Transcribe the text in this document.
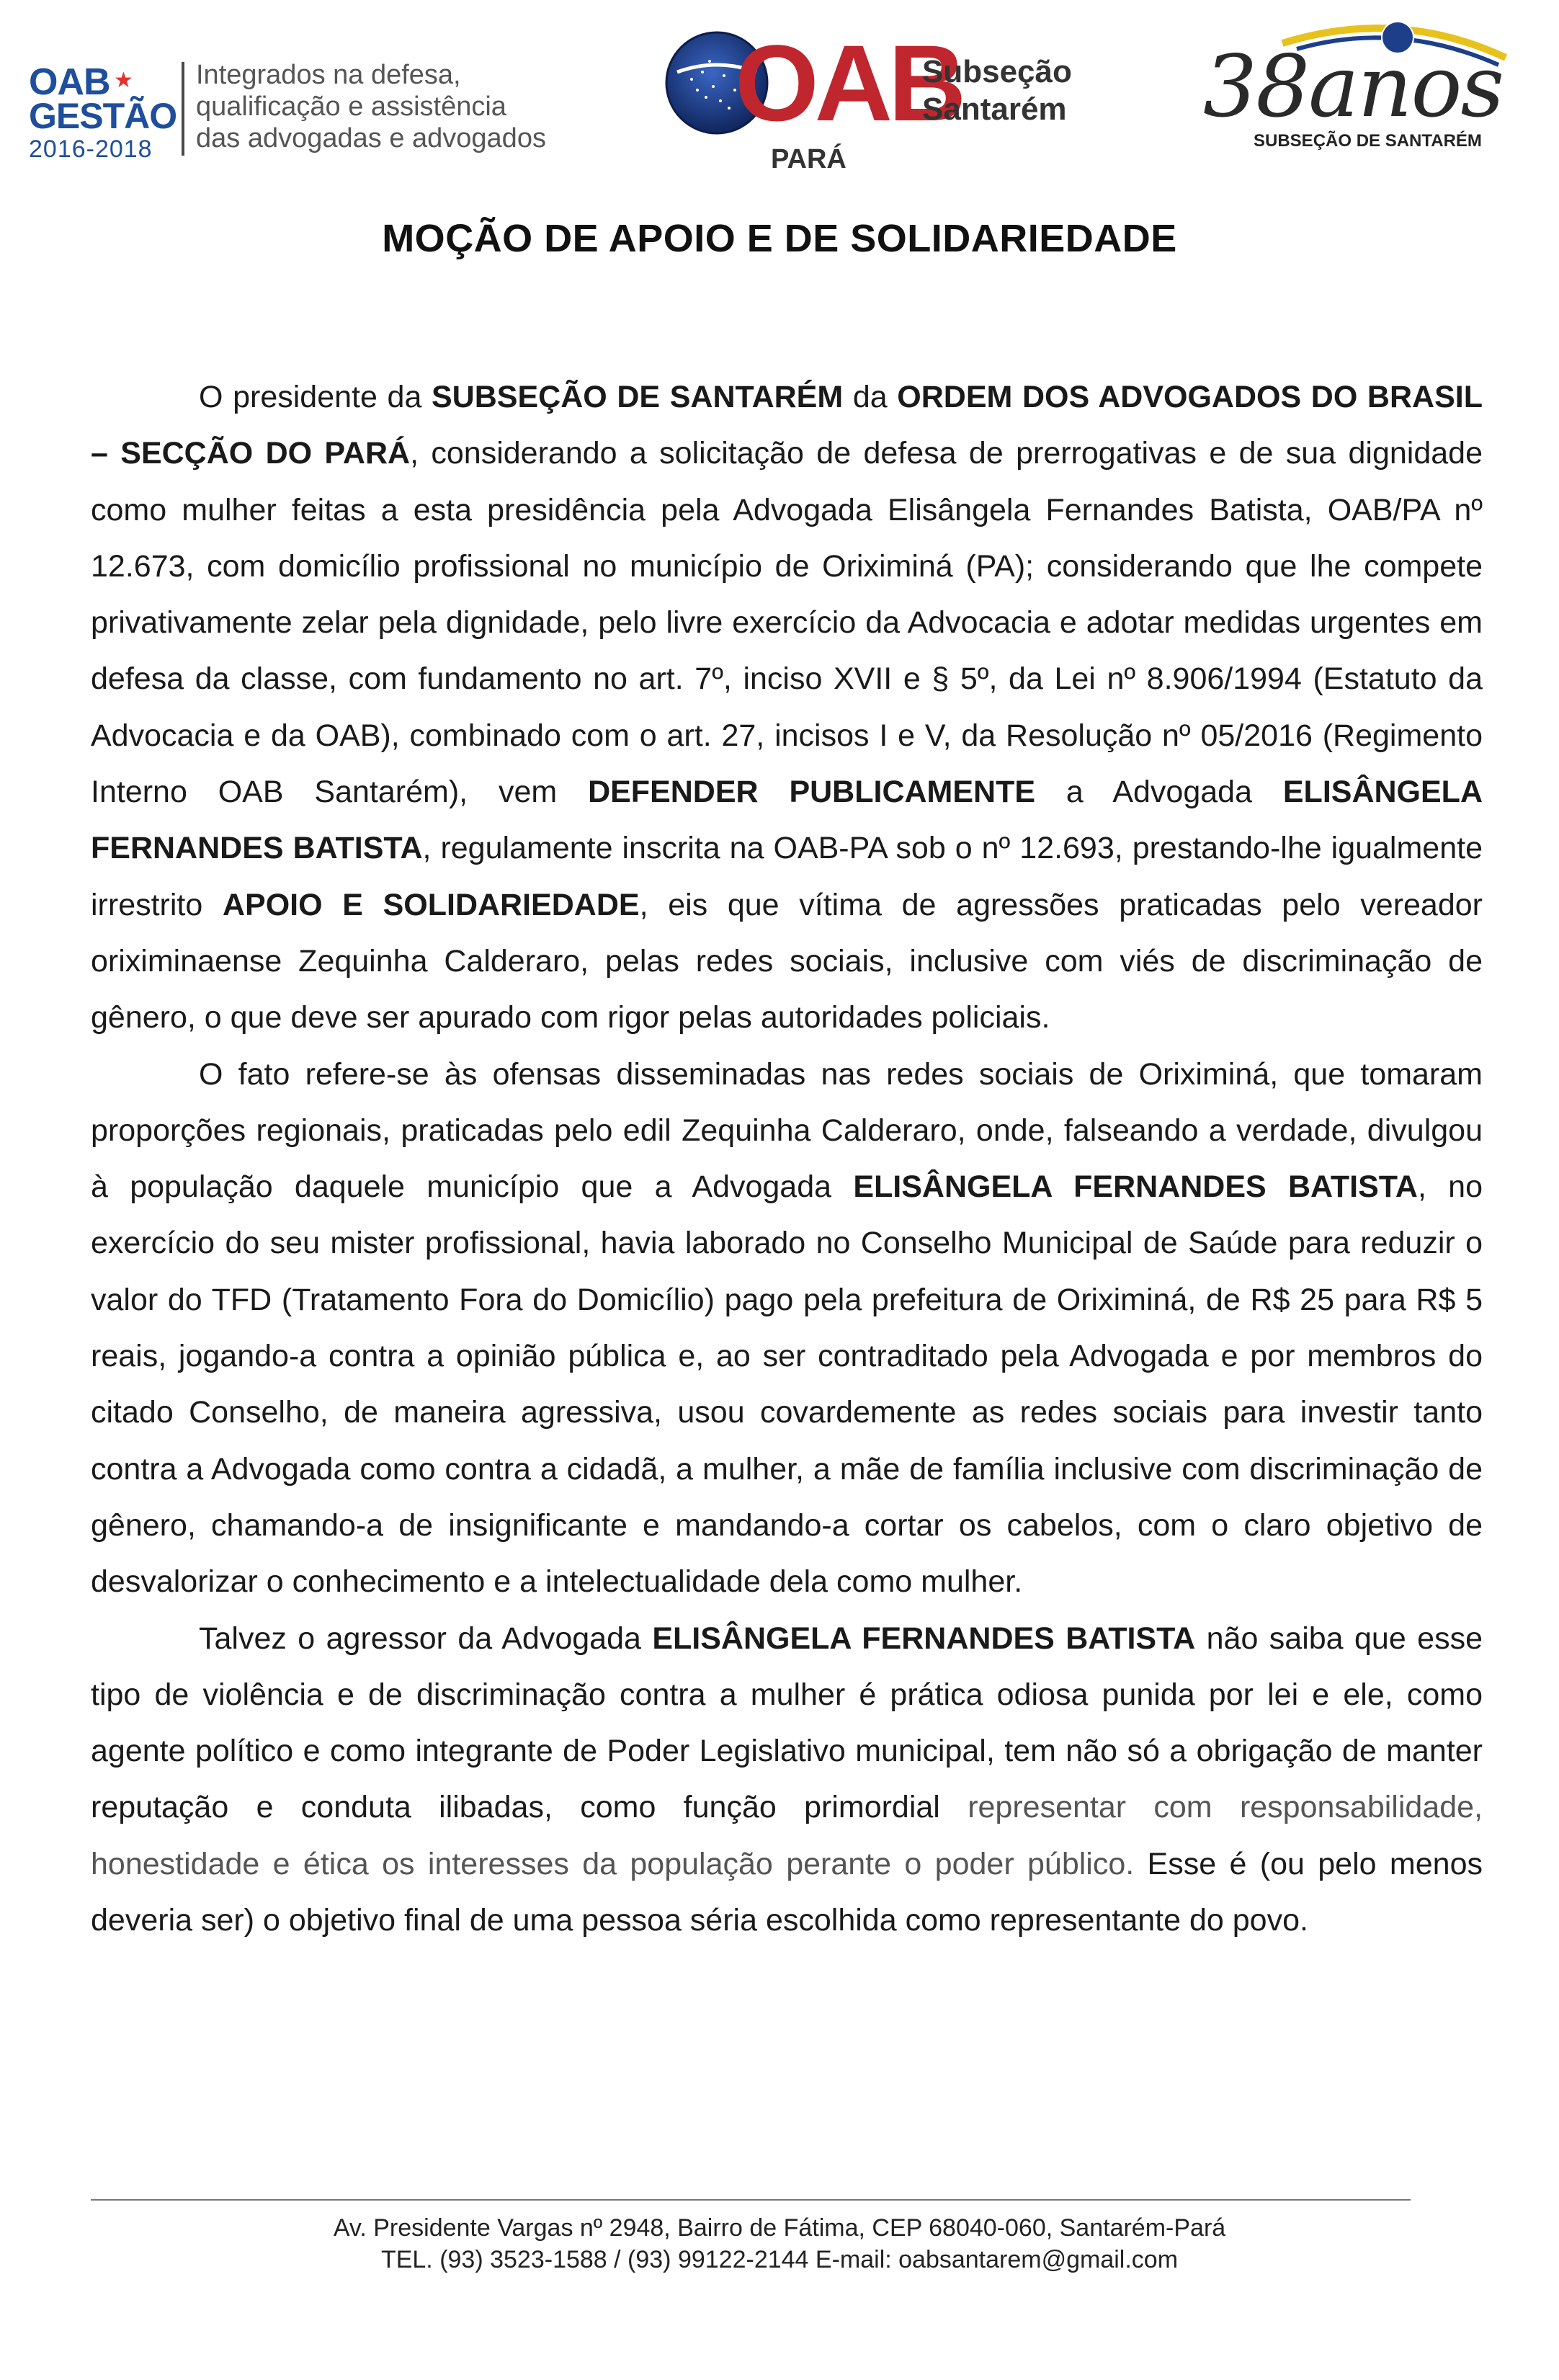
OAB ★
GESTÃO
2016-2018
Integrados na defesa,
qualificação e assistência
das advogadas e advogados OAB
PARÁ
Subseção
Santarém 38anos
SUBSEÇÃO DE SANTARÉM
MOÇÃO DE APOIO E DE SOLIDARIEDADE

O presidente da SUBSEÇÃO DE SANTARÉM da ORDEM DOS ADVOGADOS DO BRASIL – SECÇÃO DO PARÁ, considerando a solicitação de defesa de prerrogativas e de sua dignidade como mulher feitas a esta presidência pela Advogada Elisângela Fernandes Batista, OAB/PA nº 12.673, com domicílio profissional no município de Oriximiná (PA); considerando que lhe compete privativamente zelar pela dignidade, pelo livre exercício da Advocacia e adotar medidas urgentes em defesa da classe, com fundamento no art. 7º, inciso XVII e § 5º, da Lei nº 8.906/1994 (Estatuto da Advocacia e da OAB), combinado com o art. 27, incisos I e V, da Resolução nº 05/2016 (Regimento Interno OAB Santarém), vem DEFENDER PUBLICAMENTE a Advogada ELISÂNGELA FERNANDES BATISTA, regulamente inscrita na OAB-PA sob o nº 12.693, prestando-lhe igualmente irrestrito APOIO E SOLIDARIEDADE, eis que vítima de agressões praticadas pelo vereador oriximinaense Zequinha Calderaro, pelas redes sociais, inclusive com viés de discriminação de gênero, o que deve ser apurado com rigor pelas autoridades policiais.

O fato refere-se às ofensas disseminadas nas redes sociais de Oriximiná, que tomaram proporções regionais, praticadas pelo edil Zequinha Calderaro, onde, falseando a verdade, divulgou à população daquele município que a Advogada ELISÂNGELA FERNANDES BATISTA, no exercício do seu mister profissional, havia laborado no Conselho Municipal de Saúde para reduzir o valor do TFD (Tratamento Fora do Domicílio) pago pela prefeitura de Oriximiná, de R$ 25 para R$ 5 reais, jogando-a contra a opinião pública e, ao ser contraditado pela Advogada e por membros do citado Conselho, de maneira agressiva, usou covardemente as redes sociais para investir tanto contra a Advogada como contra a cidadã, a mulher, a mãe de família inclusive com discriminação de gênero, chamando-a de insignificante e mandando-a cortar os cabelos, com o claro objetivo de desvalorizar o conhecimento e a intelectualidade dela como mulher.

Talvez o agressor da Advogada ELISÂNGELA FERNANDES BATISTA não saiba que esse tipo de violência e de discriminação contra a mulher é prática odiosa punida por lei e ele, como agente político e como integrante de Poder Legislativo municipal, tem não só a obrigação de manter reputação e conduta ilibadas, como função primordial representar com responsabilidade, honestidade e ética os interesses da população perante o poder público. Esse é (ou pelo menos deveria ser) o objetivo final de uma pessoa séria escolhida como representante do povo.

Av. Presidente Vargas nº 2948, Bairro de Fátima, CEP 68040-060, Santarém-Pará
TEL. (93) 3523-1588 / (93) 99122-2144 E-mail: oabsantarem@gmail.com
